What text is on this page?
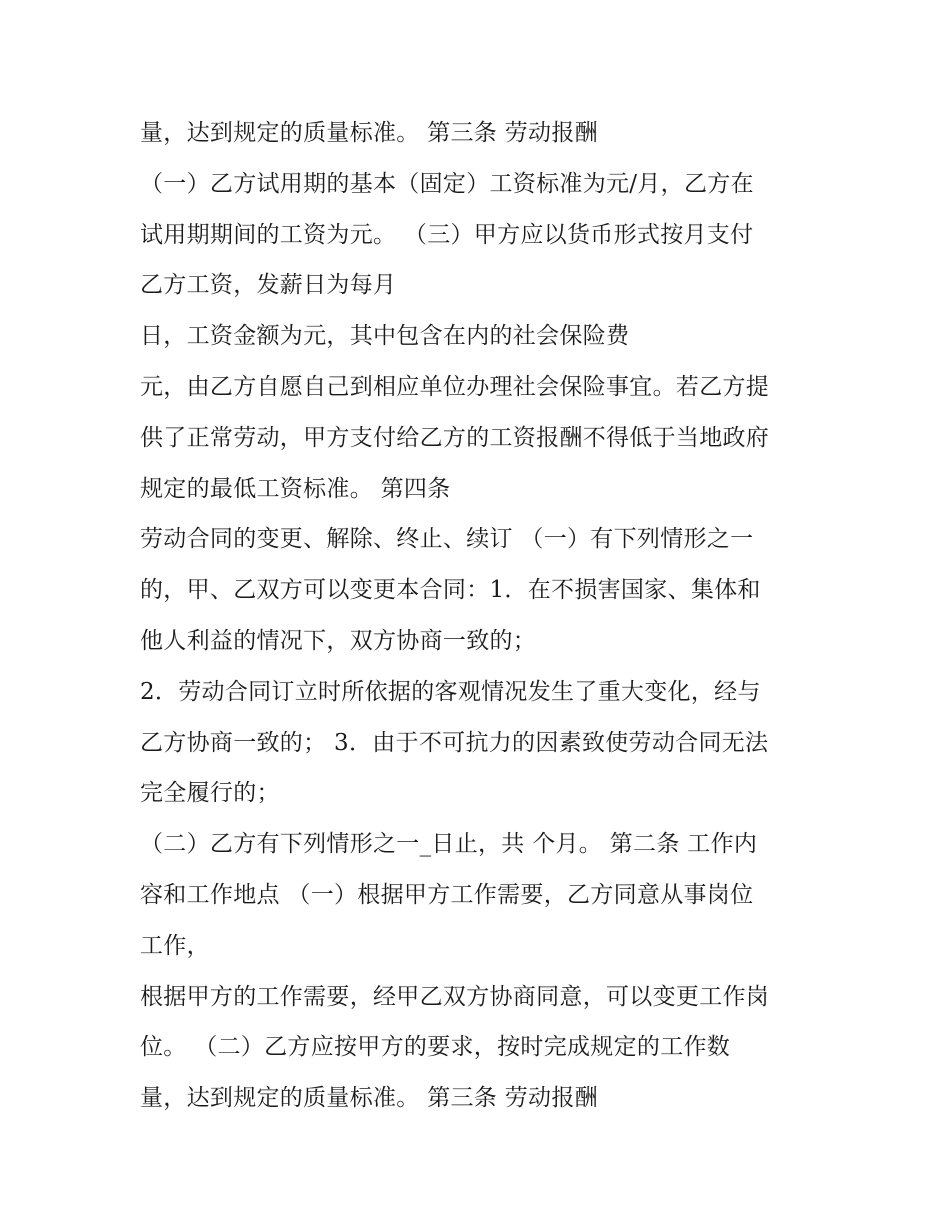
量，达到规定的质量标准。 第三条 劳动报酬
（一）乙方试用期的基本（固定）工资标准为元/月，乙方在
试用期期间的工资为元。 （三）甲方应以货币形式按月支付
乙方工资，发薪日为每月
日，工资金额为元，其中包含在内的社会保险费
元，由乙方自愿自己到相应单位办理社会保险事宜。若乙方提
供了正常劳动，甲方支付给乙方的工资报酬不得低于当地政府
规定的最低工资标准。 第四条
劳动合同的变更、解除、终止、续订 （一）有下列情形之一
的，甲、乙双方可以变更本合同：1．在不损害国家、集体和
他人利益的情况下，双方协商一致的；
2．劳动合同订立时所依据的客观情况发生了重大变化，经与
乙方协商一致的； 3．由于不可抗力的因素致使劳动合同无法
完全履行的；
（二）乙方有下列情形之一_日止，共 个月。 第二条 工作内
容和工作地点 （一）根据甲方工作需要，乙方同意从事岗位
工作，
根据甲方的工作需要，经甲乙双方协商同意，可以变更工作岗
位。 （二）乙方应按甲方的要求，按时完成规定的工作数
量，达到规定的质量标准。 第三条 劳动报酬
